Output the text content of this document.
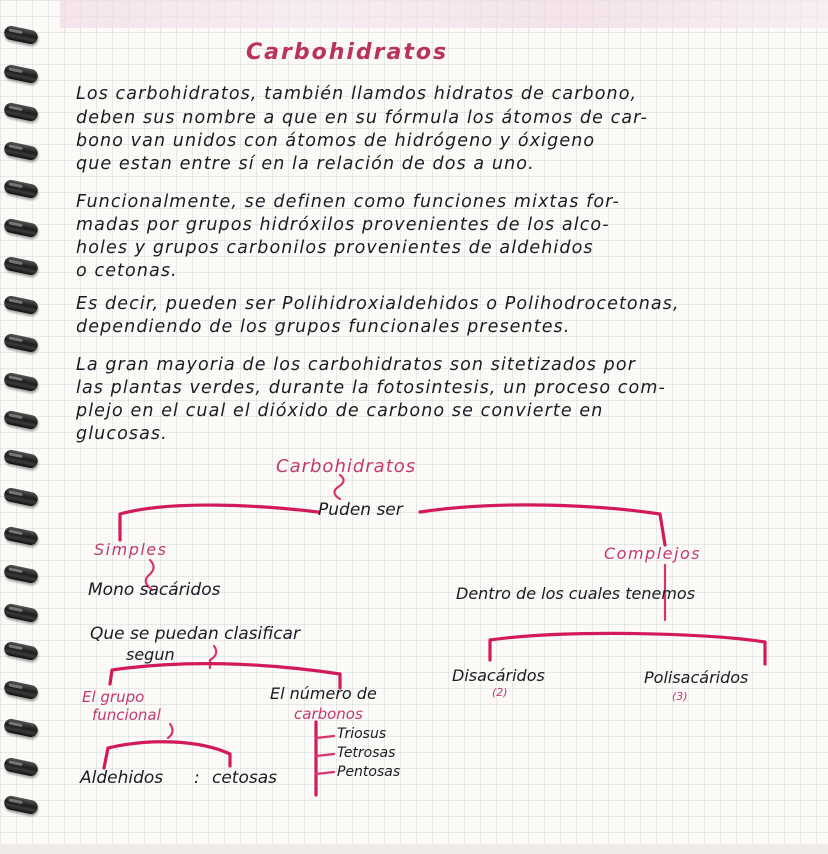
Carbohidratos

Los carbohidratos, también llamdos hidratos de carbono,

deben sus nombre a que en su fórmula los átomos de car-

bono van unidos con átomos de hidrógeno y óxigeno

que estan entre sí en la relación de dos a uno.

Funcionalmente, se definen como funciones mixtas for-

madas por grupos hidróxilos provenientes de los alco-

holes y grupos carbonilos provenientes de aldehidos

o cetonas.

Es decir, pueden ser Polihidroxialdehidos o Polihodrocetonas,

dependiendo de los grupos funcionales presentes.

La gran mayoria de los carbohidratos son sitetizados por

las plantas verdes, durante la fotosintesis, un proceso com-

plejo en el cual el dióxido de carbono se convierte en

glucosas.

Carbohidratos

Puden ser

Simples

Mono sacáridos

Que se puedan clasificar

segun

El grupo

funcional

El número de

carbonos

Aldehidos : cetosas

Triosus

Tetrosas

Pentosas

Complejos

Dentro de los cuales tenemos

Disacáridos

(2)

Polisacáridos

(3)
